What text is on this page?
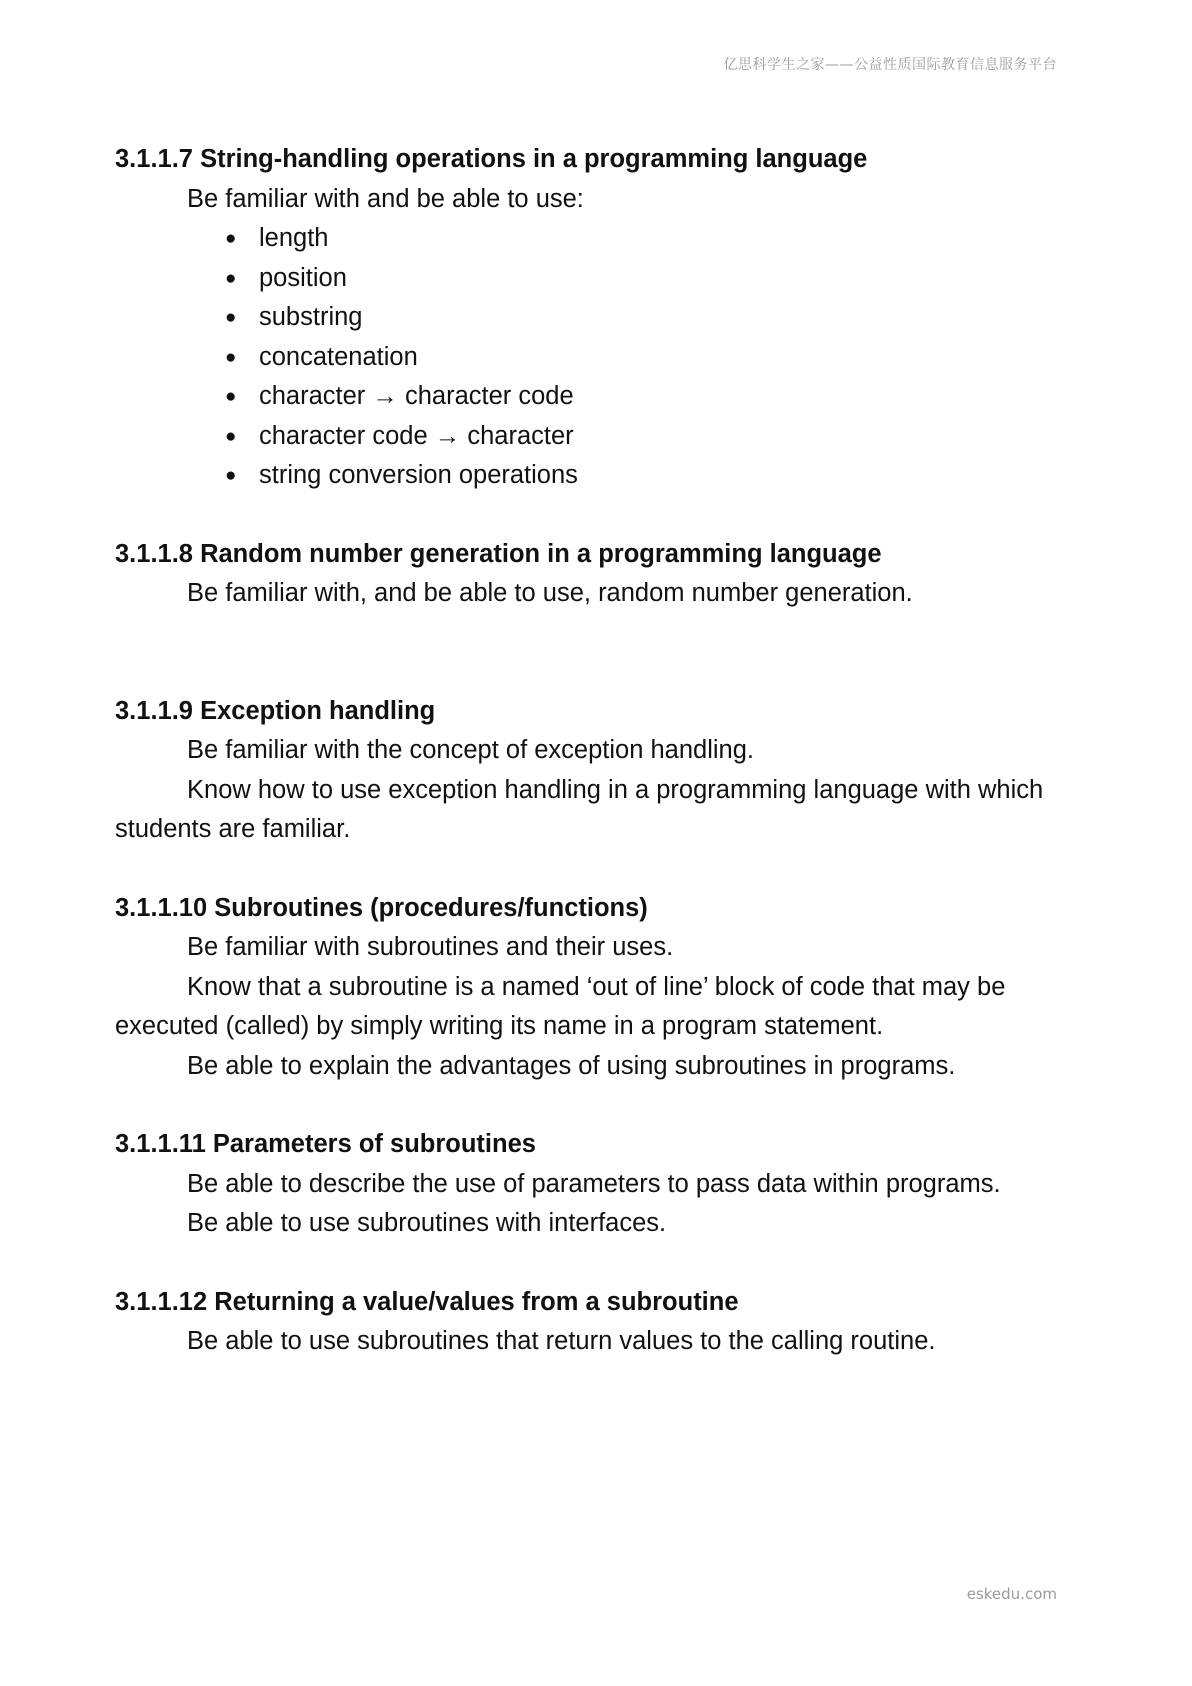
亿思科学生之家——公益性质国际教育信息服务平台

3.1.1.7 String-handling operations in a programming language

Be familiar with and be able to use:

● length
● position
● substring
● concatenation
● character → character code
● character code → character
● string conversion operations

3.1.1.8 Random number generation in a programming language

Be familiar with, and be able to use, random number generation.

3.1.1.9 Exception handling

Be familiar with the concept of exception handling.

Know how to use exception handling in a programming language with which students are familiar.

3.1.1.10 Subroutines (procedures/functions)

Be familiar with subroutines and their uses.

Know that a subroutine is a named ‘out of line’ block of code that may be executed (called) by simply writing its name in a program statement.

Be able to explain the advantages of using subroutines in programs.

3.1.1.11 Parameters of subroutines

Be able to describe the use of parameters to pass data within programs.

Be able to use subroutines with interfaces.

3.1.1.12 Returning a value/values from a subroutine

Be able to use subroutines that return values to the calling routine.

eskedu.com
